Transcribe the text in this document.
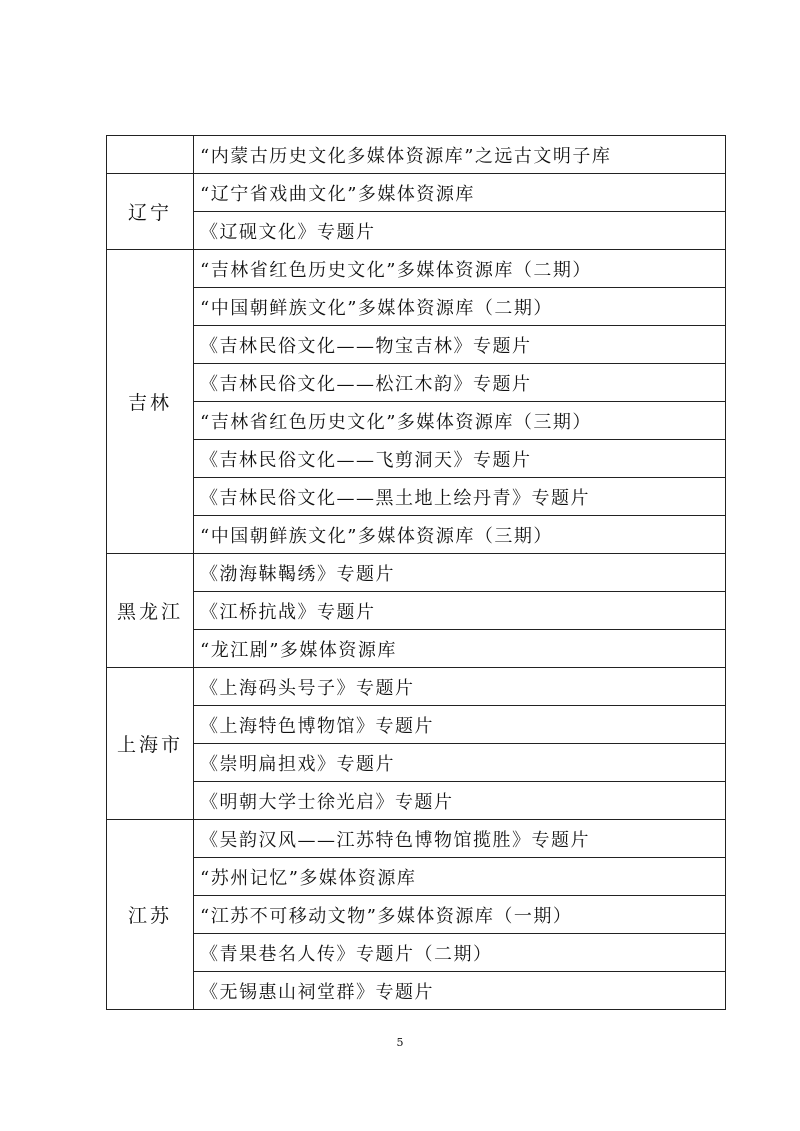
	“内蒙古历史文化多媒体资源库”之远古文明子库
辽宁	“辽宁省戏曲文化”多媒体资源库
	《辽砚文化》专题片
吉林	“吉林省红色历史文化”多媒体资源库（二期）
	“中国朝鲜族文化”多媒体资源库（二期）
	《吉林民俗文化——物宝吉林》专题片
	《吉林民俗文化——松江木韵》专题片
	“吉林省红色历史文化”多媒体资源库（三期）
	《吉林民俗文化——飞剪洞天》专题片
	《吉林民俗文化——黑土地上绘丹青》专题片
	“中国朝鲜族文化”多媒体资源库（三期）
黑龙江	《渤海靺鞨绣》专题片
	《江桥抗战》专题片
	“龙江剧”多媒体资源库
上海市	《上海码头号子》专题片
	《上海特色博物馆》专题片
	《崇明扁担戏》专题片
	《明朝大学士徐光启》专题片
江苏	《吴韵汉风——江苏特色博物馆揽胜》专题片
	“苏州记忆”多媒体资源库
	“江苏不可移动文物”多媒体资源库（一期）
	《青果巷名人传》专题片（二期）
	《无锡惠山祠堂群》专题片
5
